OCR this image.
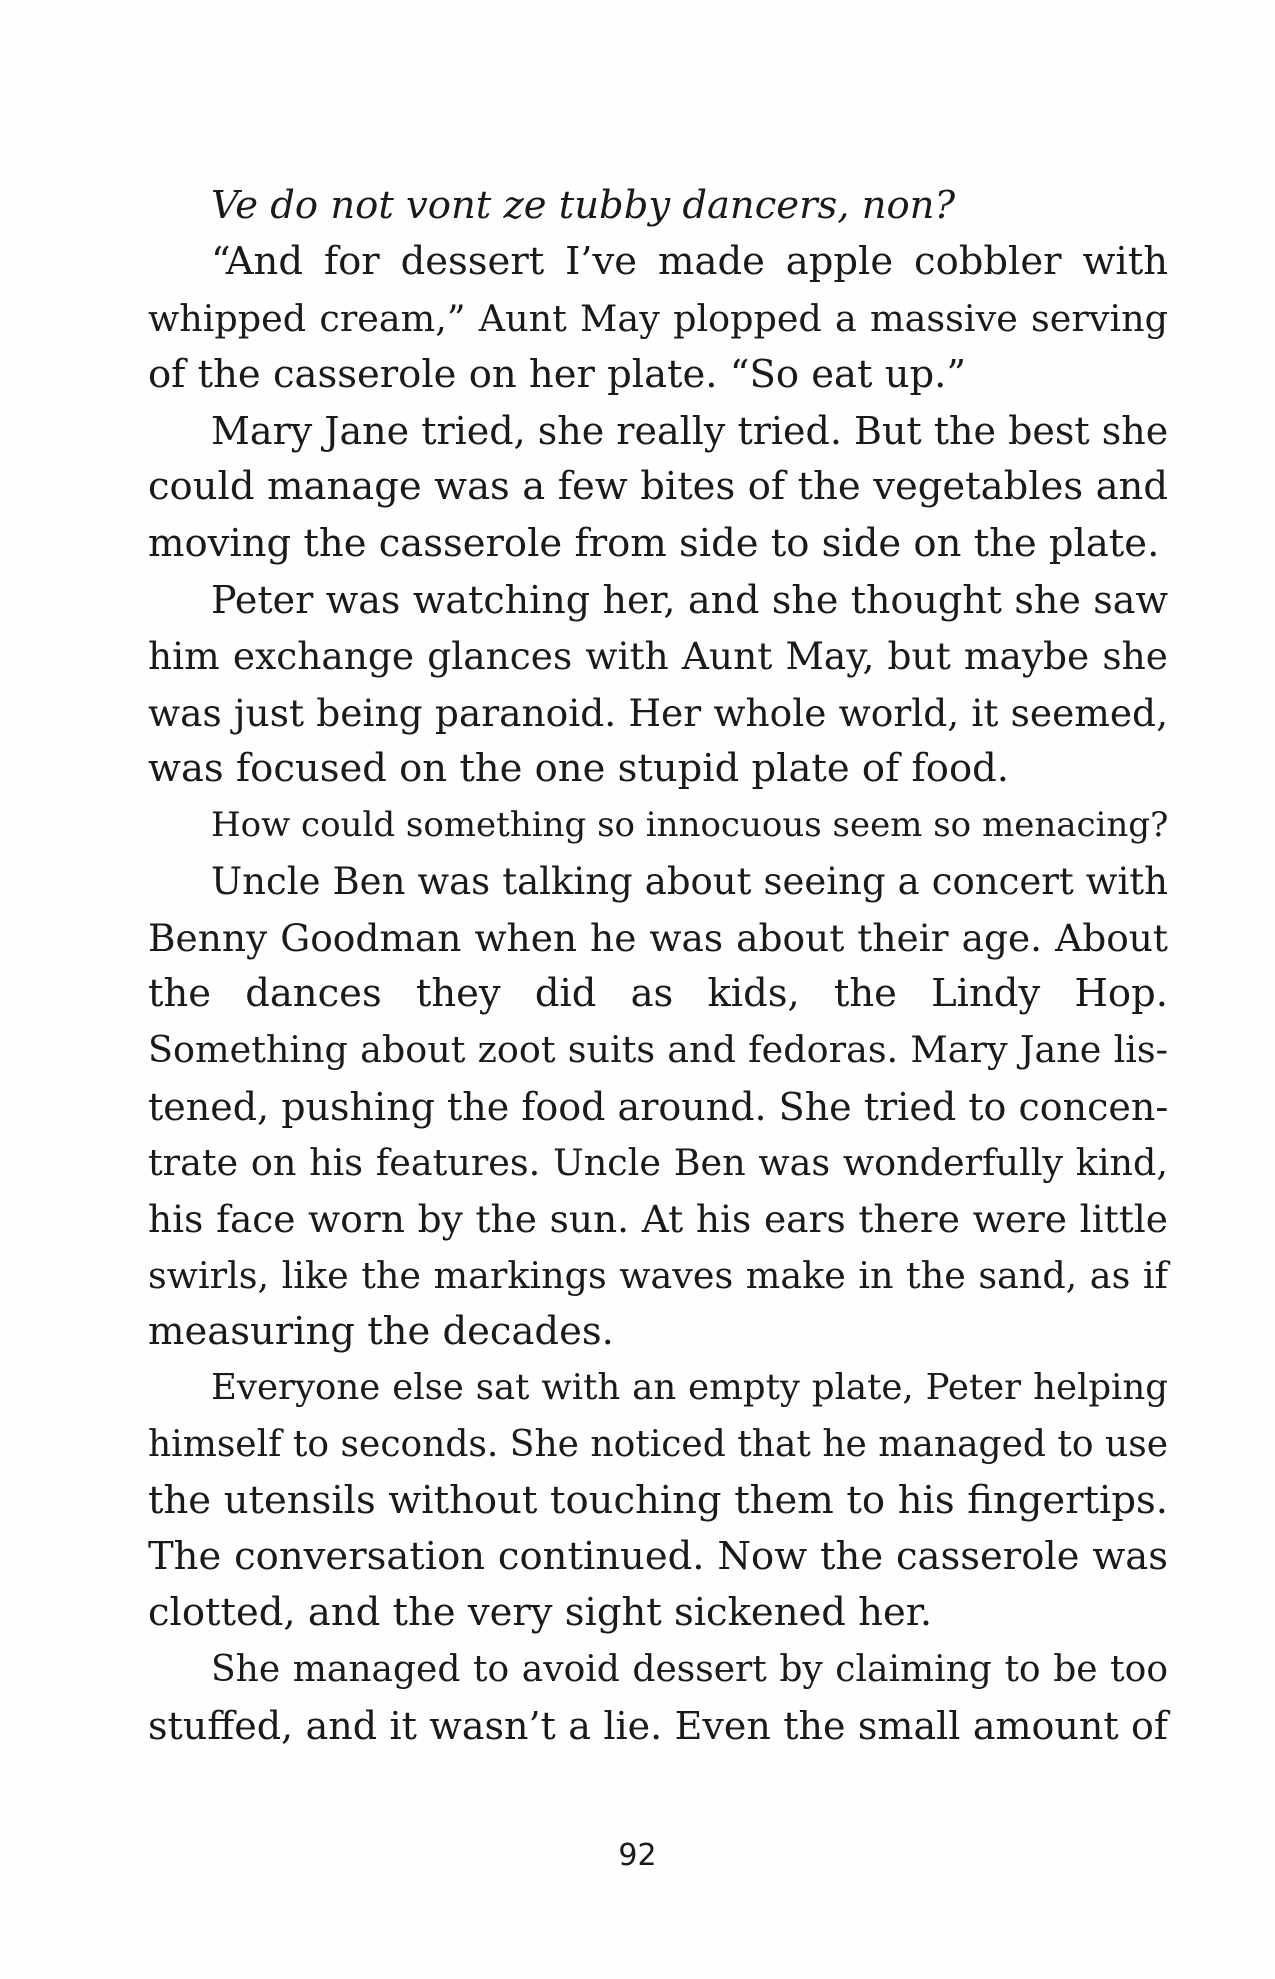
Ve do not vont ze tubby dancers, non?
“And for dessert I’ve made apple cobbler with
whipped cream,” Aunt May plopped a massive serving
of the casserole on her plate. “So eat up.”
Mary Jane tried, she really tried. But the best she
could manage was a few bites of the vegetables and
moving the casserole from side to side on the plate.
Peter was watching her, and she thought she saw
him exchange glances with Aunt May, but maybe she
was just being paranoid. Her whole world, it seemed,
was focused on the one stupid plate of food.
How could something so innocuous seem so menacing?
Uncle Ben was talking about seeing a concert with
Benny Goodman when he was about their age. About
the dances they did as kids, the Lindy Hop.
Something about zoot suits and fedoras. Mary Jane lis-
tened, pushing the food around. She tried to concen-
trate on his features. Uncle Ben was wonderfully kind,
his face worn by the sun. At his ears there were little
swirls, like the markings waves make in the sand, as if
measuring the decades.
Everyone else sat with an empty plate, Peter helping
himself to seconds. She noticed that he managed to use
the utensils without touching them to his fingertips.
The conversation continued. Now the casserole was
clotted, and the very sight sickened her.
She managed to avoid dessert by claiming to be too
stuffed, and it wasn’t a lie. Even the small amount of
92
